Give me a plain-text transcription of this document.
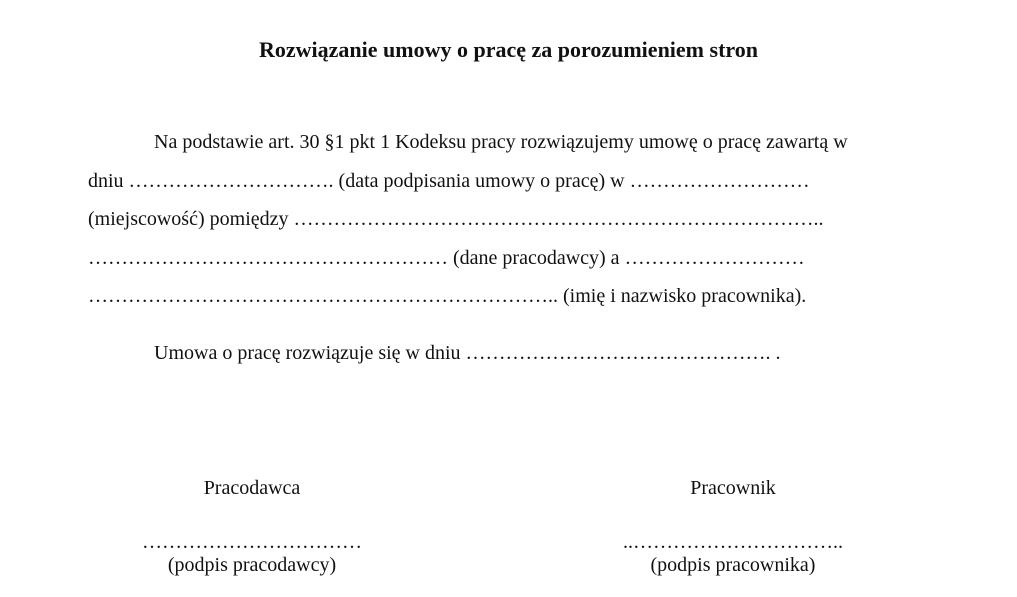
Rozwiązanie umowy o pracę za porozumieniem stron
Na podstawie art. 30 §1 pkt 1 Kodeksu pracy rozwiązujemy umowę o pracę zawartą w
dniu …………………………. (data podpisania umowy o pracę) w ………………………
(miejscowość) pomiędzy ……………………………………………………………………..
……………………………………………… (dane pracodawcy) a ………………………
…………………………………………………………….. (imię i nazwisko pracownika).
Umowa o pracę rozwiązuje się w dniu ………………………………………. .
Pracodawca
……………………………
(podpis pracodawcy)
Pracownik
..…………………………..
(podpis pracownika)
